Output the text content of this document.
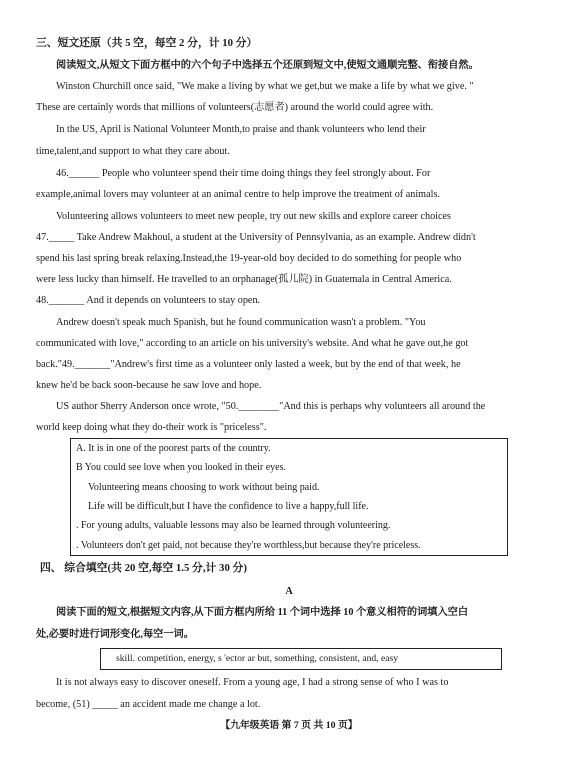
三、短文还原（共 5 空，每空 2 分，计 10 分）
阅读短文,从短文下面方框中的六个句子中选择五个还原到短文中,使短文通顺完整、衔接自然。
Winston Churchill once said, "We make a living by what we get,but we make a life by what we give. "
These are certainly words that millions of volunteers(志愿者) around the world could agree with.
In the US, April is National Volunteer Month,to praise and thank volunteers who lend their
time,talent,and support to what they care about.
46.______ People who volunteer spend their time doing things they feel strongly about. For
example,animal lovers may volunteer at an animal centre to help improve the treatment of animals.
Volunteering allows volunteers to meet new people, try out new skills and explore career choices
47._____ Take Andrew Makhoul, a student at the University of Pennsylvania, as an example. Andrew didn't
spend his last spring break relaxing.Instead,the 19-year-old boy decided to do something for people who
were less lucky than himself. He travelled to an orphanage(孤儿院) in Guatemala in Central America.
48._______ And it depends on volunteers to stay open.
Andrew doesn't speak much Spanish, but he found communication wasn't a problem. "You
communicated with love," according to an article on his university's website. And what he gave out,he got
back."49._______"Andrew's first time as a volunteer only lasted a week, but by the end of that week, he
knew he'd be back soon-because he saw love and hope.
US author Sherry Anderson once wrote, "50.________"And this is perhaps why volunteers all around the
world keep doing what they do-their work is "priceless".
A. It is in one of the poorest parts of the country.
B You could see love when you looked in their eyes.
Volunteering means choosing to work without being paid.
Life will be difficult,but I have the confidence to live a happy,full life.
. For young adults, valuable lessons may also be learned through volunteering.
. Volunteers don't get paid, not because they're worthless,but because they're priceless.
四、 综合填空(共 20 空,每空 1.5 分,计 30 分)
A
阅读下面的短文,根据短文内容,从下面方框内所给 11 个词中选择 10 个意义相符的词填入空白
处,必要时进行词形变化,每空一词。
skill. competition, energy, s 'ector ar but, something, consistent, and, easy
It is not always easy to discover oneself. From a young age, I had a strong sense of who I was to
become, (51) _____ an accident made me change a lot.
【九年级英语 第 7 页 共 10 页】
